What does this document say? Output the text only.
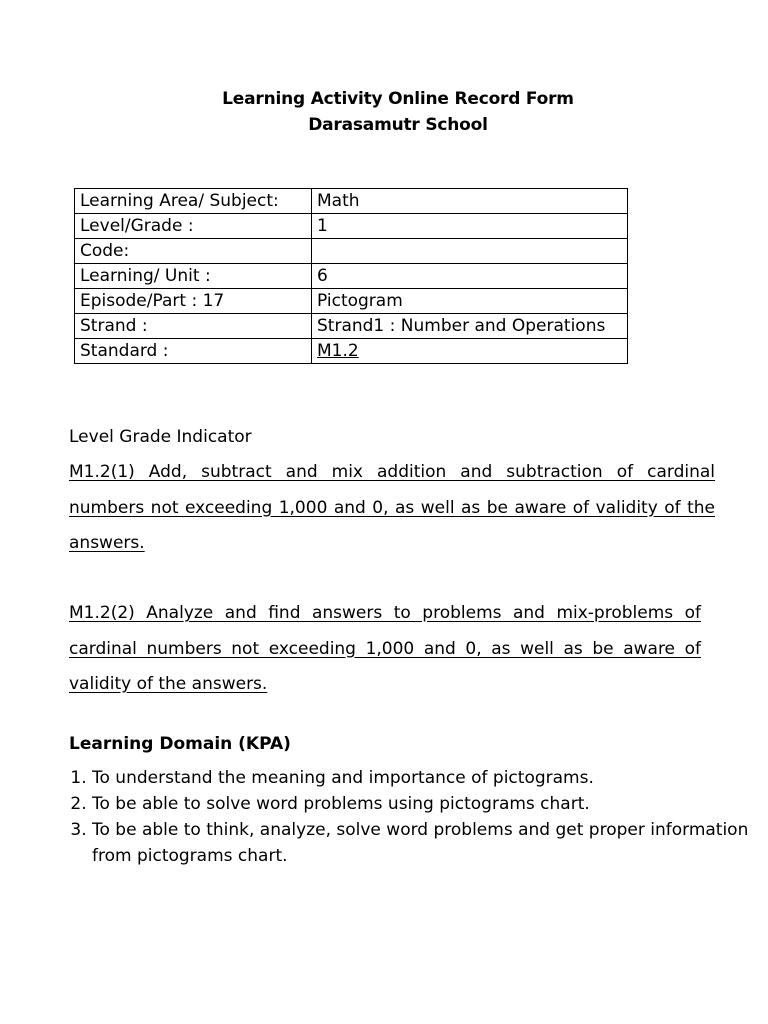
Learning Activity Online Record Form
Darasamutr School
Learning Area/ Subject:	Math
Level/Grade :	1
Code:	
Learning/ Unit :	6
Episode/Part : 17	Pictogram
Strand :	Strand1 : Number and Operations
Standard :	M1.2
Level Grade Indicator
M1.2(1) Add, subtract and mix addition and subtraction of cardinal numbers not exceeding 1,000 and 0, as well as be aware of validity of the answers.
M1.2(2) Analyze and find answers to problems and mix-problems of cardinal numbers not exceeding 1,000 and 0, as well as be aware of validity of the answers.
Learning Domain (KPA)
1. To understand the meaning and importance of pictograms.
2. To be able to solve word problems using pictograms chart.
3. To be able to think, analyze, solve word problems and get proper information from pictograms chart.
